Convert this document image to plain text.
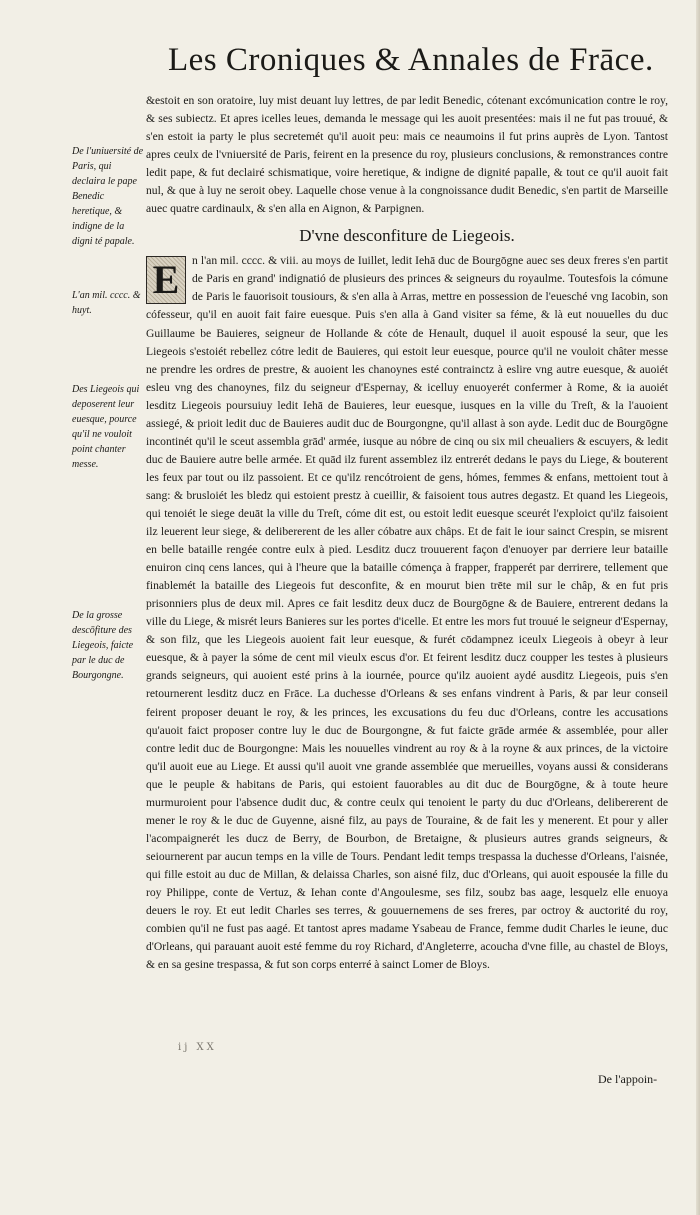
Les Croniques & Annales de Frāce.
De l'uniuersité de Paris, qui declaira le pape Benedic heretique, & indigne de la digni té papale.
L'an mil. cccc. & huyt.
Des Liegeois qui deposerent leur euesque, pource qu'il ne vouloit point chanter messe.
De la grosse descōfiture des Liegeois, faicte par le duc de Bourgongne.

&estoit en son oratoire, luy mist deuant luy lettres, de par ledit Benedic, cótenant excómunication contre le roy, & ses subiectz. Et apres icelles leues, demanda le message qui les auoit presentées: mais il ne fut pas trouué, & s'en estoit ia party le plus secretemét qu'il auoit peu: mais ce neaumoins il fut prins auprès de Lyon. Tantost apres ceulx de l'vniuersité de Paris, feirent en la presence du roy, plusieurs conclusions, & remonstrances contre ledit pape, & fut declairé schismatique, voire heretique, & indigne de dignité papalle, & tout ce qu'il auoit fait nul, & que à luy ne seroit obey. Laquelle chose venue à la congnoissance dudit Benedic, s'en partit de Marseille auec quatre cardinaulx, & s'en alla en Aignon, & Parpignen.

D'vne desconfiture de Liegeois.

E	n l'an mil. cccc. & viii. au moys de Iuillet, ledit Iehā duc de Bourgōgne auec ses deux freres s'en partit de Paris en grand' indignatió de plusieurs des princes & seigneurs du royaulme. Toutesfois la cómune de Paris le fauorisoit tousiours, & s'en alla à Arras, mettre en possession de l'euesché vng Iacobin, son cófesseur, qu'il en auoit fait faire euesque. Puis s'en alla à Gand visiter sa féme, & là eut nouuelles du duc Guillaume be Bauieres, seigneur de Hollande & cóte de Henault, duquel il auoit espousé la seur, que les Liegeois s'estoiét rebellez cótre ledit de Bauieres, qui estoit leur euesque, pource qu'il ne vouloit châter messe ne prendre les ordres de prestre, & auoient les chanoynes esté contrainctz à eslire vng autre euesque, & auoiét esleu vng des chanoynes, filz du seigneur d'Espernay, & icelluy enuoyerét confermer à Rome, & ia auoiét lesditz Liegeois poursuiuy ledit Iehā de Bauieres, leur euesque, iusques en la ville du Treſt, & la l'auoient assiegé, & prioit ledit duc de Bauieres audit duc de Bourgongne, qu'il allast à son ayde. Ledit duc de Bourgōgne incontinét qu'il le sceut assembla grād' armée, iusque au nóbre de cinq ou six mil cheualiers & escuyers, & ledit duc de Bauiere autre belle armée. Et quād ilz furent assemblez ilz entrerét dedans le pays du Liege, & bouterent les feux par tout ou ilz passoient. Et ce qu'ilz rencótroient de gens, hómes, femmes & enfans, mettoient tout à sang: & brusloiét les bledz qui estoient prestz à cueillir, & faisoient tous autres degastz. Et quand les Liegeois, qui tenoiét le siege deuāt la ville du Treſt, cóme dit est, ou estoit ledit euesque sceurét l'exploict qu'ilz faisoient ilz leuerent leur siege, & delibererent de les aller cóbatre aux châps. Et de fait le iour sainct Crespin, se misrent en belle bataille rengée contre eulx à pied. Lesditz ducz trouuerent façon d'enuoyer par derriere leur bataille enuiron cinq cens lances, qui à l'heure que la bataille cómença à frapper, frapperét par derrirere, tellement que finablemét la bataille des Liegeois fut desconfite, & en mourut bien trēte mil sur le châp, & en fut pris prisonniers plus de deux mil. Apres ce fait lesditz deux ducz de Bourgōgne & de Bauiere, entrerent dedans la ville du Liege, & misrét leurs Banieres sur les portes d'icelle. Et entre les mors fut trouué le seigneur d'Espernay, & son filz, que les Liegeois auoient fait leur euesque, & furét cōdampnez iceulx Liegeois à obeyr à leur euesque, & à payer la sóme de cent mil vieulx escus d'or. Et feirent lesditz ducz coupper les testes à plusieurs grands seigneurs, qui auoient esté prins à la iournée, pource qu'ilz auoient aydé ausditz Liegeois, puis s'en retournerent lesditz ducz en Frāce. La duchesse d'Orleans & ses enfans vindrent à Paris, & par leur conseil feirent proposer deuant le roy, & les princes, les excusations du feu duc d'Orleans, contre les accusations qu'auoit faict proposer contre luy le duc de Bourgongne, & fut faicte grāde armée & assemblée, pour aller contre ledit duc de Bourgongne: Mais les nouuelles vindrent au roy & à la royne & aux princes, de la victoire qu'il auoit eue au Liege. Et aussi qu'il auoit vne grande assemblée que merueilles, voyans aussi & considerans que le peuple & habitans de Paris, qui estoient fauorables au dit duc de Bourgōgne, & à toute heure murmuroient pour l'absence dudit duc, & contre ceulx qui tenoient le party du duc d'Orleans, delibererent de mener le roy & le duc de Guyenne, aisné filz, au pays de Touraine, & de fait les y menerent. Et pour y aller l'acompaignerét les ducz de Berry, de Bourbon, de Bretaigne, & plusieurs autres grands seigneurs, & seiournerent par aucun temps en la ville de Tours. Pendant ledit temps trespassa la duchesse d'Orleans, l'aisnée, qui fille estoit au duc de Millan, & delaissa Charles, son aisné filz, duc d'Orleans, qui auoit espousée la fille du roy Philippe, conte de Vertuz, & Iehan conte d'Angoulesme, ses filz, soubz bas aage, lesquelz elle enuoya deuers le roy. Et eut ledit Charles ses terres, & gouuernemens de ses freres, par octroy & auctorité du roy, combien qu'il ne fust pas aagé. Et tantost apres madame Ysabeau de France, femme dudit Charles le ieune, duc d'Orleans, qui parauant auoit esté femme du roy Richard, d'Angleterre, acoucha d'vne fille, au chastel de Bloys, & en sa gesine trespassa, & fut son corps enterré à sainct Lomer de Bloys.

ij XX
De l'appoin-
